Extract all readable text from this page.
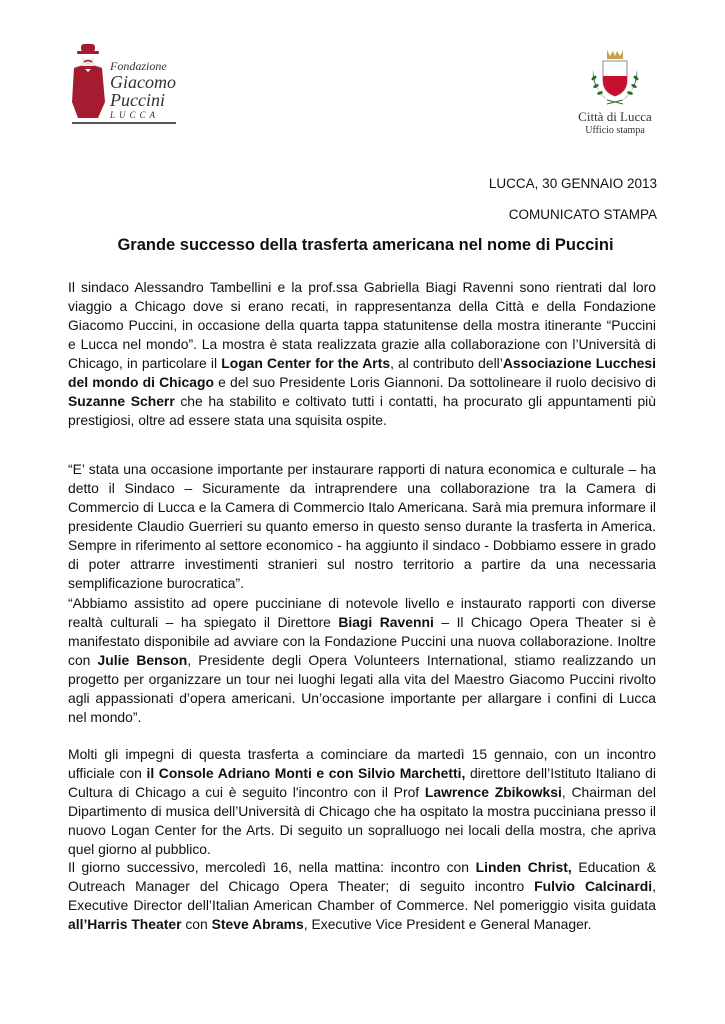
Fondazione
Giacomo
Puccini
LUCCA	Città di Lucca
Ufficio stampa
LUCCA, 30 GENNAIO 2013
COMUNICATO STAMPA
Grande successo della trasferta americana nel nome di Puccini

Il sindaco Alessandro Tambellini e la prof.ssa Gabriella Biagi Ravenni sono rientrati dal loro viaggio a Chicago dove si erano recati, in rappresentanza della Città e della Fondazione Giacomo Puccini, in occasione della quarta tappa statunitense della mostra itinerante “Puccini e Lucca nel mondo”. La mostra è stata realizzata grazie alla collaborazione con l’Università di Chicago, in particolare il Logan Center for the Arts, al contributo dell’Associazione Lucchesi del mondo di Chicago e del suo Presidente Loris Giannoni. Da sottolineare il ruolo decisivo di Suzanne Scherr che ha stabilito e coltivato tutti i contatti, ha procurato gli appuntamenti più prestigiosi, oltre ad essere stata una squisita ospite.

“E’ stata una occasione importante per instaurare rapporti di natura economica e culturale – ha detto il Sindaco – Sicuramente da intraprendere una collaborazione tra la Camera di Commercio di Lucca e la Camera di Commercio Italo Americana. Sarà mia premura informare il presidente Claudio Guerrieri su quanto emerso in questo senso durante la trasferta in America. Sempre in riferimento al settore economico - ha aggiunto il sindaco - Dobbiamo essere in grado di poter attrarre investimenti stranieri sul nostro territorio a partire da una necessaria semplificazione burocratica”.

“Abbiamo assistito ad opere pucciniane di notevole livello e instaurato rapporti con diverse realtà culturali – ha spiegato il Direttore Biagi Ravenni – Il Chicago Opera Theater si è manifestato disponibile ad avviare con la Fondazione Puccini una nuova collaborazione. Inoltre con Julie Benson, Presidente degli Opera Volunteers International, stiamo realizzando un progetto per organizzare un tour nei luoghi legati alla vita del Maestro Giacomo Puccini rivolto agli appassionati d’opera americani. Un’occasione importante per allargare i confini di Lucca nel mondo”.

Molti gli impegni di questa trasferta a cominciare da martedì 15 gennaio, con un incontro ufficiale con il Console Adriano Monti e con Silvio Marchetti, direttore dell’Istituto Italiano di Cultura di Chicago a cui è seguito l'incontro con il Prof Lawrence Zbikowksi, Chairman del Dipartimento di musica dell’Università di Chicago che ha ospitato la mostra pucciniana presso il nuovo Logan Center for the Arts. Di seguito un sopralluogo nei locali della mostra, che apriva quel giorno al pubblico.

Il giorno successivo, mercoledì 16, nella mattina: incontro con Linden Christ, Education & Outreach Manager del Chicago Opera Theater; di seguito incontro Fulvio Calcinardi, Executive Director dell’Italian American Chamber of Commerce. Nel pomeriggio visita guidata all’Harris Theater con Steve Abrams, Executive Vice President e General Manager.
